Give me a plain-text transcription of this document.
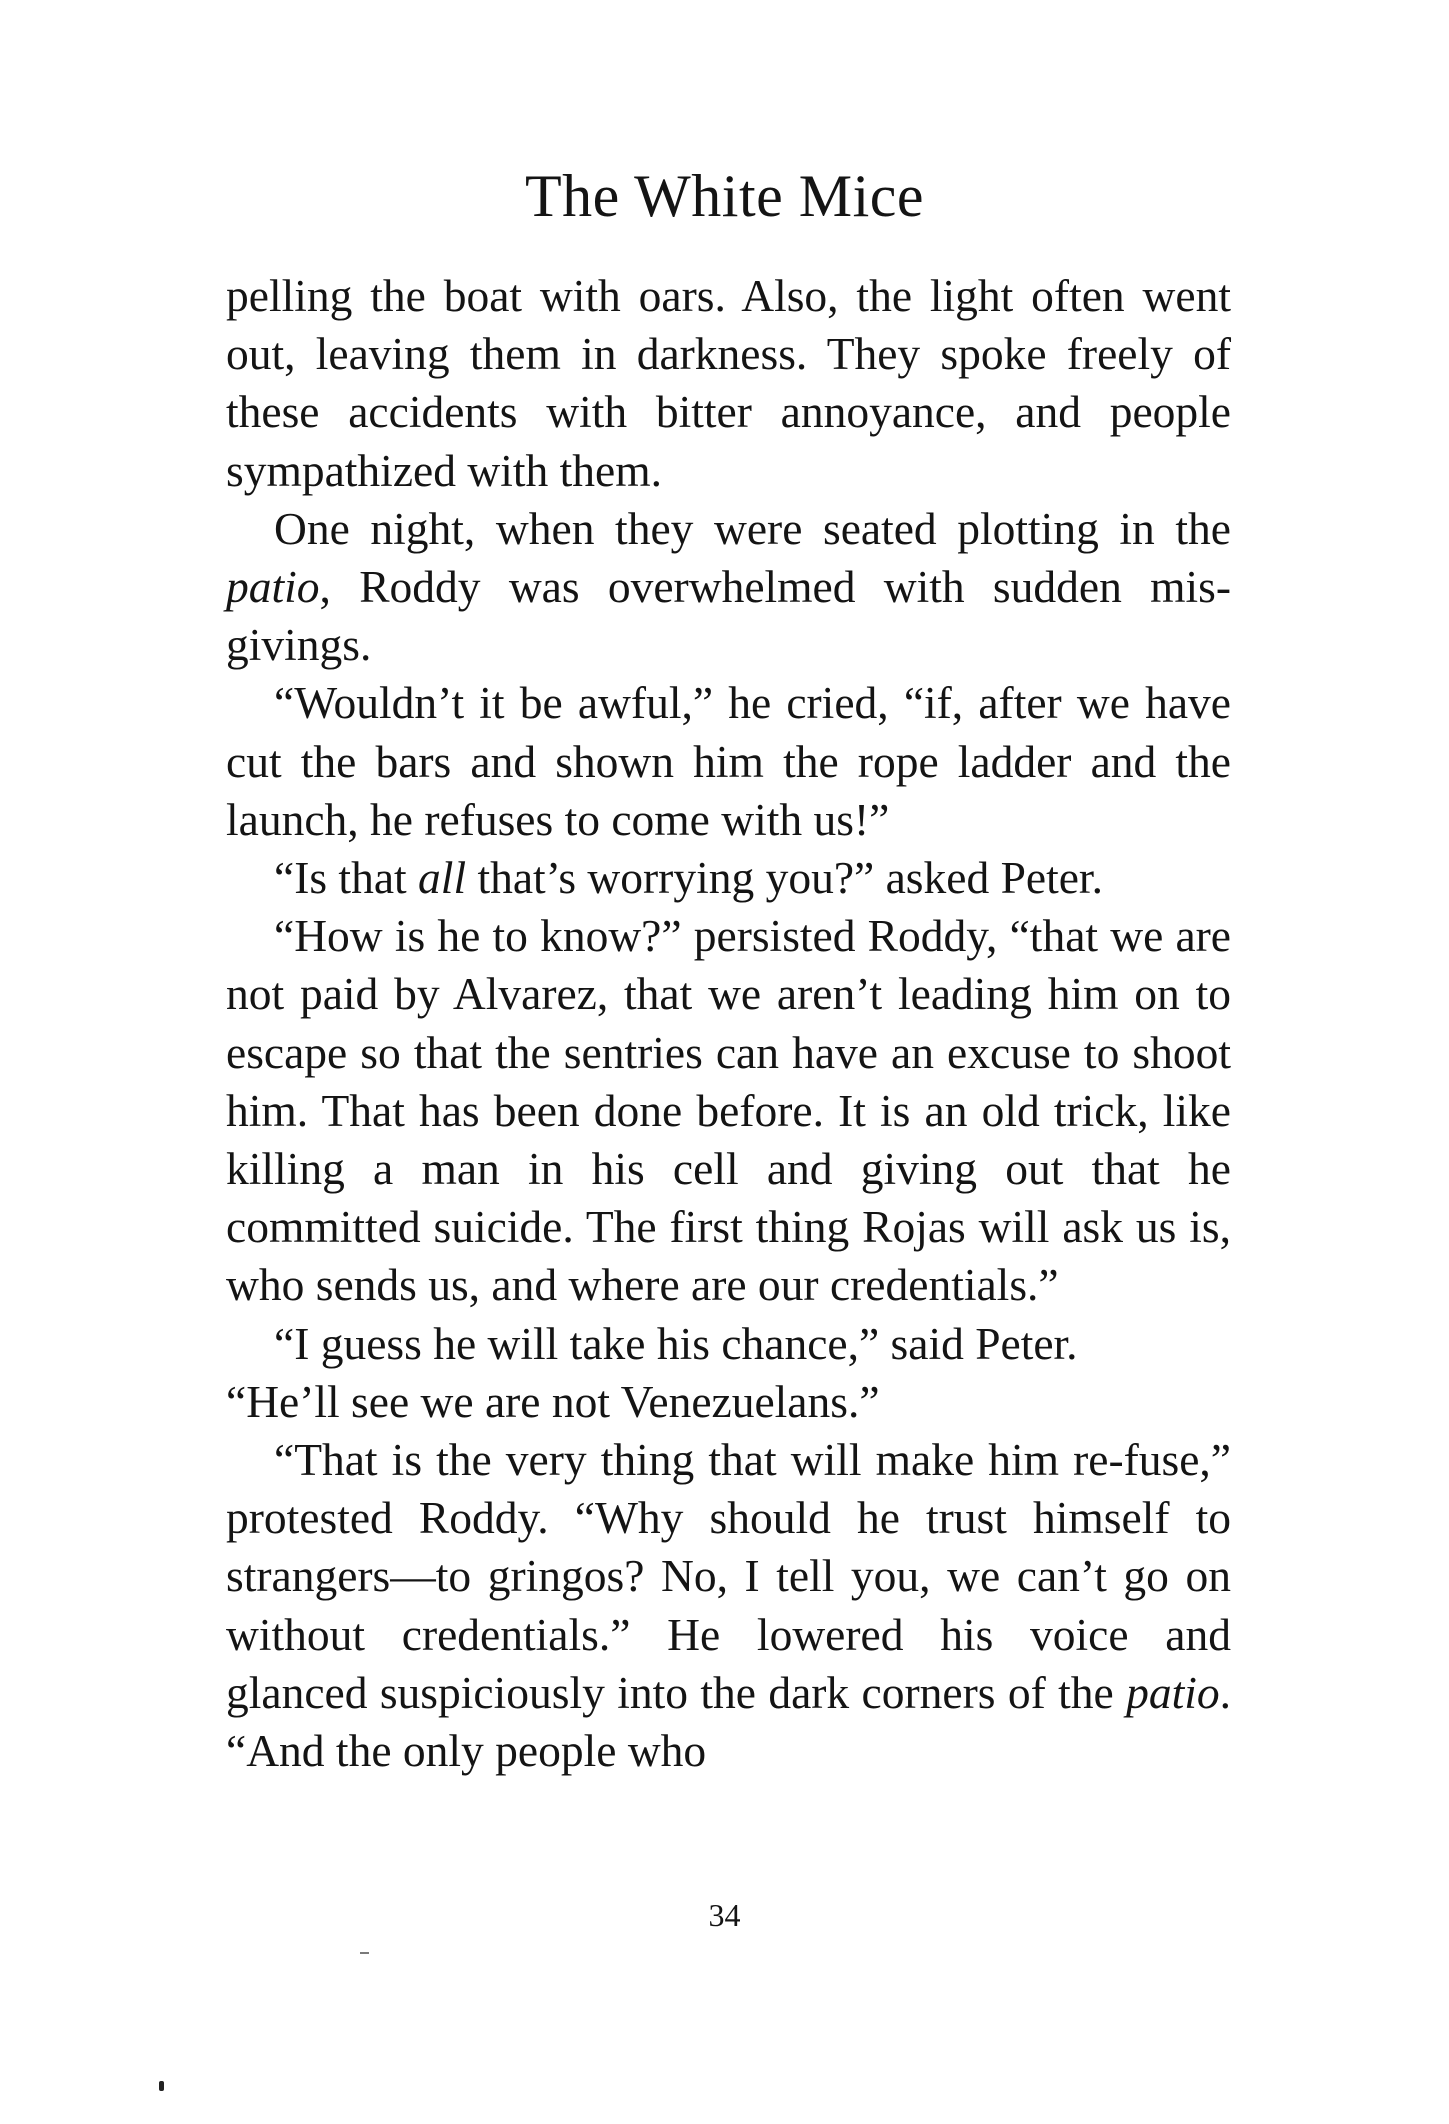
The White Mice

pelling the boat with oars. Also, the light often went out, leaving them in darkness. They spoke freely of these accidents with bitter annoyance, and people sympathized with them.

One night, when they were seated plotting in the patio, Roddy was overwhelmed with sudden mis-givings.

“Wouldn’t it be awful,” he cried, “if, after we have cut the bars and shown him the rope ladder and the launch, he refuses to come with us!”

“Is that all that’s worrying you?” asked Peter.

“How is he to know?” persisted Roddy, “that we are not paid by Alvarez, that we aren’t leading him on to escape so that the sentries can have an excuse to shoot him. That has been done before. It is an old trick, like killing a man in his cell and giving out that he committed suicide. The first thing Rojas will ask us is, who sends us, and where are our credentials.”

“I guess he will take his chance,” said Peter.

“He’ll see we are not Venezuelans.”

“That is the very thing that will make him re-fuse,” protested Roddy. “Why should he trust himself to strangers—to gringos? No, I tell you, we can’t go on without credentials.” He lowered his voice and glanced suspiciously into the dark corners of the patio. “And the only people who

34
